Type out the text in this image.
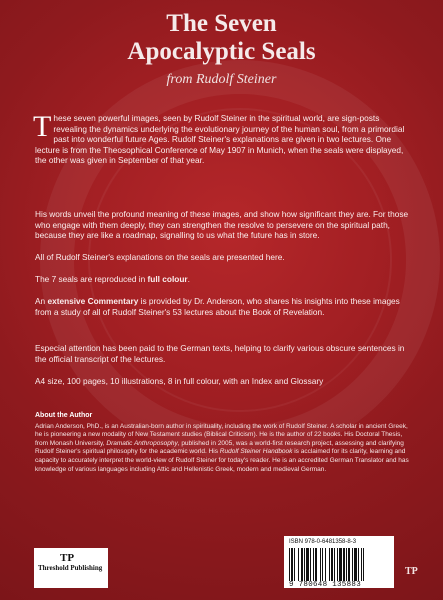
The Seven
Apocalyptic Seals
from Rudolf Steiner
These seven powerful images, seen by Rudolf Steiner in the spiritual world, are sign-posts revealing the dynamics underlying the evolutionary journey of the human soul, from a primordial past into wonderful future Ages. Rudolf Steiner's explanations are given in two lectures. One lecture is from the Theosophical Conference of May 1907 in Munich, when the seals were displayed, the other was given in September of that year.
His words unveil the profound meaning of these images, and show how significant they are. For those who engage with them deeply, they can strengthen the resolve to persevere on the spiritual path, because they are like a roadmap, signalling to us what the future has in store.
All of Rudolf Steiner's explanations on the seals are presented here.
The 7 seals are reproduced in full colour.
An extensive Commentary is provided by Dr. Anderson, who shares his insights into these images from a study of all of Rudolf Steiner's 53 lectures about the Book of Revelation.
Especial attention has been paid to the German texts, helping to clarify various obscure sentences in the official transcript of the lectures.
A4 size, 100 pages, 10 illustrations, 8 in full colour, with an Index and Glossary
About the Author
Adrian Anderson, PhD., is an Australian-born author in spirituality, including the work of Rudolf Steiner. A scholar in ancient Greek, he is pioneering a new modality of New Testament studies (Biblical Criticism). He is the author of 22 books. His Doctoral Thesis, from Monash University, Dramatic Anthroposophy, published in 2005, was a world-first research project, assessing and clarifying Rudolf Steiner's spiritual philosophy for the academic world. His Rudolf Steiner Handbook is acclaimed for its clarity, learning and capacity to accurately interpret the world-view of Rudolf Steiner for today's reader. He is an accredited German Translator and has knowledge of various languages including Attic and Hellenistic Greek, modern and medieval German.
TP
Threshold Publishing
ISBN 978-0-6481358-8-3
9 780648 135883
TP
